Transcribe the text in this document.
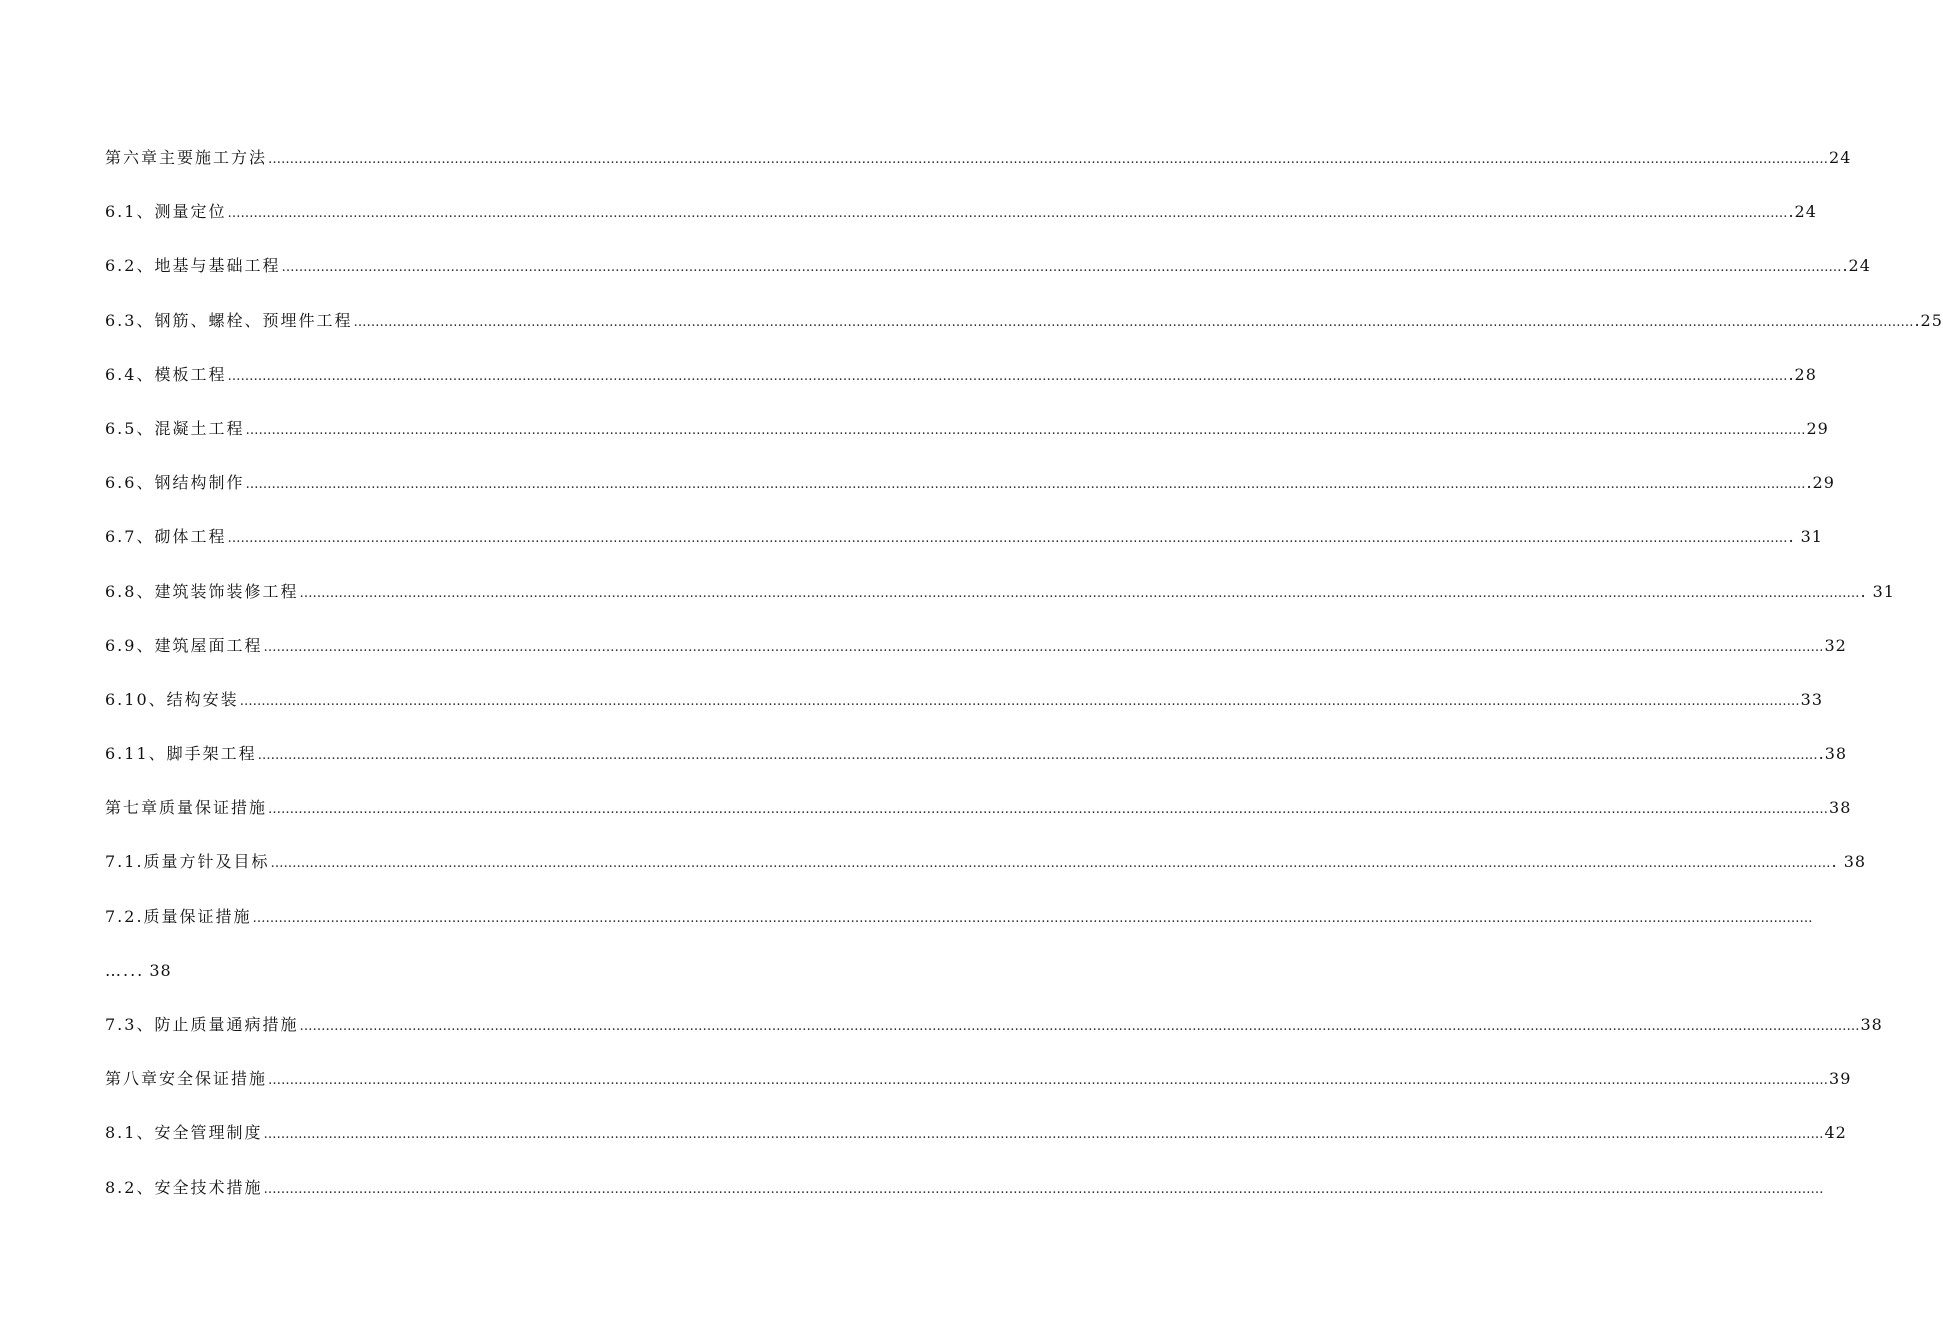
第六章主要施工方法 ……………………………………………………………………………………………………………………………………………………………………………………………………………………………………………………………………………………………………………………………… 24
6.1、测量定位 ……………………………………………………………………………………………………………………………………………………………………………………………………………………………………………………………………………………………………………………………… .24
6.2、地基与基础工程 ……………………………………………………………………………………………………………………………………………………………………………………………………………………………………………………………………………………………………………………………… .24
6.3、钢筋、螺栓、预埋件工程 ……………………………………………………………………………………………………………………………………………………………………………………………………………………………………………………………………………………………………………………………… .25
6.4、模板工程 ……………………………………………………………………………………………………………………………………………………………………………………………………………………………………………………………………………………………………………………………… .28
6.5、混凝土工程 ……………………………………………………………………………………………………………………………………………………………………………………………………………………………………………………………………………………………………………………………… 29
6.6、钢结构制作 ……………………………………………………………………………………………………………………………………………………………………………………………………………………………………………………………………………………………………………………………… .29
6.7、砌体工程 ……………………………………………………………………………………………………………………………………………………………………………………………………………………………………………………………………………………………………………………………… . 31
6.8、建筑装饰装修工程 ……………………………………………………………………………………………………………………………………………………………………………………………………………………………………………………………………………………………………………………………… . 31
6.9、建筑屋面工程 ……………………………………………………………………………………………………………………………………………………………………………………………………………………………………………………………………………………………………………………………… 32
6.10、结构安装 ……………………………………………………………………………………………………………………………………………………………………………………………………………………………………………………………………………………………………………………………… 33
6.11、脚手架工程 ……………………………………………………………………………………………………………………………………………………………………………………………………………………………………………………………………………………………………………………………… .38
第七章质量保证措施 ……………………………………………………………………………………………………………………………………………………………………………………………………………………………………………………………………………………………………………………………… 38
7.1.质量方针及目标 ……………………………………………………………………………………………………………………………………………………………………………………………………………………………………………………………………………………………………………………………… . 38
7.2.质量保证措施 ………………………………………………………………………………………………………………………………………………………………………………………………………………………………………………………………………………………………………………………………
….. . 38
7.3、防止质量通病措施 ……………………………………………………………………………………………………………………………………………………………………………………………………………………………………………………………………………………………………………………………… 38
第八章安全保证措施 ……………………………………………………………………………………………………………………………………………………………………………………………………………………………………………………………………………………………………………………………… 39
8.1、安全管理制度 ……………………………………………………………………………………………………………………………………………………………………………………………………………………………………………………………………………………………………………………………… 42
8.2、安全技术措施 ………………………………………………………………………………………………………………………………………………………………………………………………………………………………………………………………………………………………………………………………
